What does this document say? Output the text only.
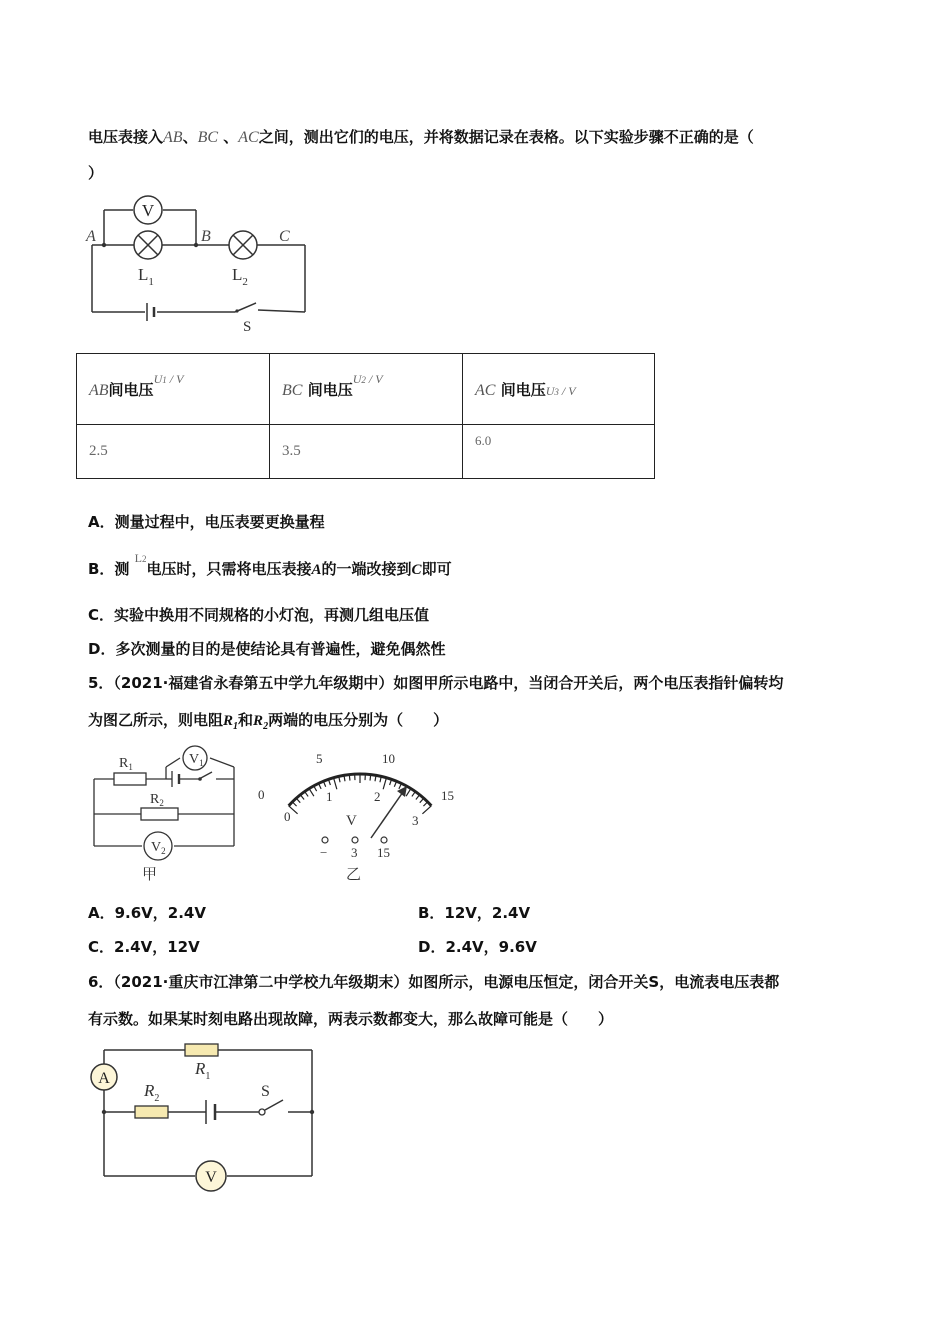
电压表接入AB、BC 、AC之间，测出它们的电压，并将数据记录在表格。以下实验步骤不正确的是（
）
V
A	B	C
$L_1$	$L_2$
S
AB间电压$^{U1 / V}$	BC 间电压$^{U2 / V}$	AC 间电压U3 / V
2.5	3.5	6.0
A．测量过程中，电压表要更换量程
B．测 $^{L2}$电压时，只需将电压表接A的一端改接到C即可
C．实验中换用不同规格的小灯泡，再测几组电压值
D．多次测量的目的是使结论具有普遍性，避免偶然性
5．（2021·福建省永春第五中学九年级期中）如图甲所示电路中，当闭合开关后，两个电压表指针偏转均
为图乙所示，则电阻$R_1$和$R_2$两端的电压分别为（　　）
$V_1$
$V_2$
$R_1$
$R_2$
甲
0
5	10
15
0
1	2
3
V
− 3 15
乙
A．9.6V，2.4V	B．12V，2.4V
C．2.4V，12V	D．2.4V，9.6V
6．（2021·重庆市江津第二中学校九年级期末）如图所示，电源电压恒定，闭合开关S，电流表电压表都
有示数。如果某时刻电路出现故障，两表示数都变大，那么故障可能是（　　）
A
V
$R_1$
$R_2$	S
